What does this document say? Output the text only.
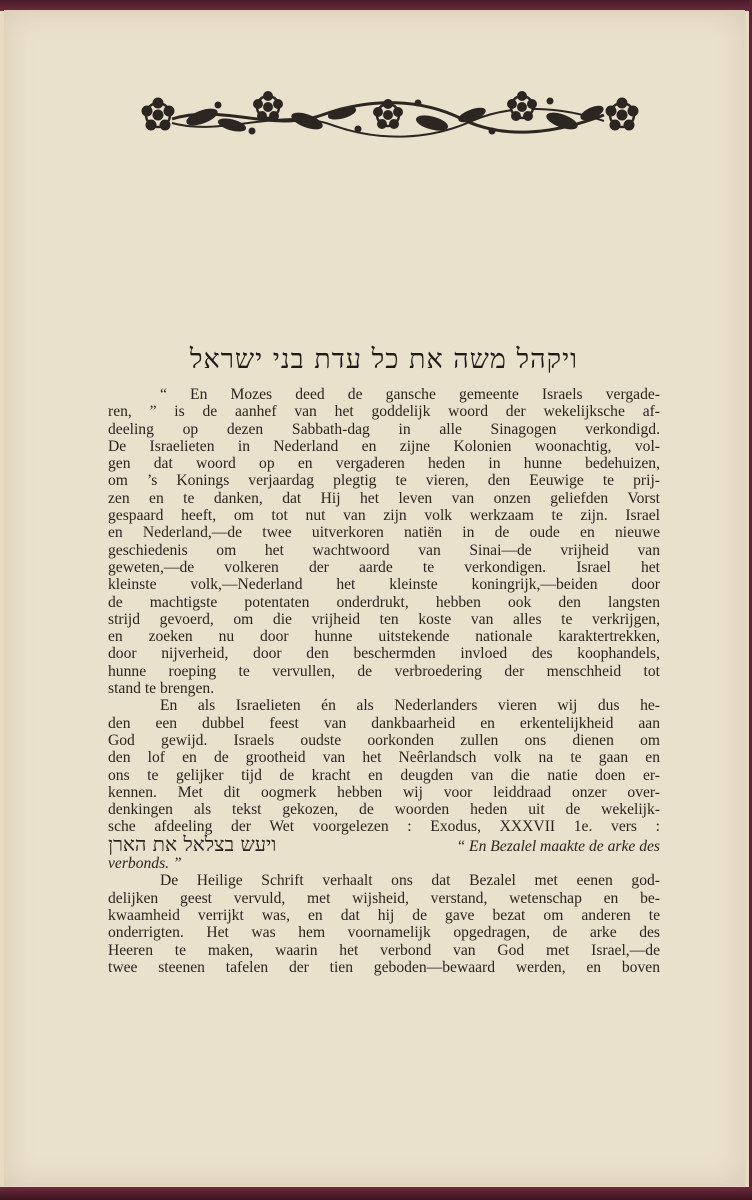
ויקהל משה את כל עדת בני ישראל
“ En Mozes deed de gansche gemeente Israels vergade-
ren, ” is de aanhef van het goddelijk woord der wekelijksche af-
deeling op dezen Sabbath-dag in alle Sinagogen verkondigd.
De Israelieten in Nederland en zijne Kolonien woonachtig, vol-
gen dat woord op en vergaderen heden in hunne bedehuizen,
om ’s Konings verjaardag plegtig te vieren, den Eeuwige te prij-
zen en te danken, dat Hij het leven van onzen geliefden Vorst
gespaard heeft, om tot nut van zijn volk werkzaam te zijn. Israel
en Nederland,—de twee uitverkoren natiën in de oude en nieuwe
geschiedenis om het wachtwoord van Sinai—de vrijheid van
geweten,—de volkeren der aarde te verkondigen. Israel het
kleinste volk,—Nederland het kleinste koningrijk,—beiden door
de machtigste potentaten onderdrukt, hebben ook den langsten
strijd gevoerd, om die vrijheid ten koste van alles te verkrijgen,
en zoeken nu door hunne uitstekende nationale karaktertrekken,
door nijverheid, door den beschermden invloed des koophandels,
hunne roeping te vervullen, de verbroedering der menschheid tot
stand te brengen.
En als Israelieten én als Nederlanders vieren wij dus he-
den een dubbel feest van dankbaarheid en erkentelijkheid aan
God gewijd. Israels oudste oorkonden zullen ons dienen om
den lof en de grootheid van het Neêrlandsch volk na te gaan en
ons te gelijker tijd de kracht en deugden van die natie doen er-
kennen. Met dit oogmerk hebben wij voor leiddraad onzer over-
denkingen als tekst gekozen, de woorden heden uit de wekelijk-
sche afdeeling der Wet voorgelezen : Exodus, XXXVII 1e. vers :
ויעש בצלאל את הארן	“ En Bezalel maakte de arke des
verbonds. ”
De Heilige Schrift verhaalt ons dat Bezalel met eenen god-
delijken geest vervuld, met wijsheid, verstand, wetenschap en be-
kwaamheid verrijkt was, en dat hij de gave bezat om anderen te
onderrigten. Het was hem voornamelijk opgedragen, de arke des
Heeren te maken, waarin het verbond van God met Israel,—de
twee steenen tafelen der tien geboden—bewaard werden, en boven
